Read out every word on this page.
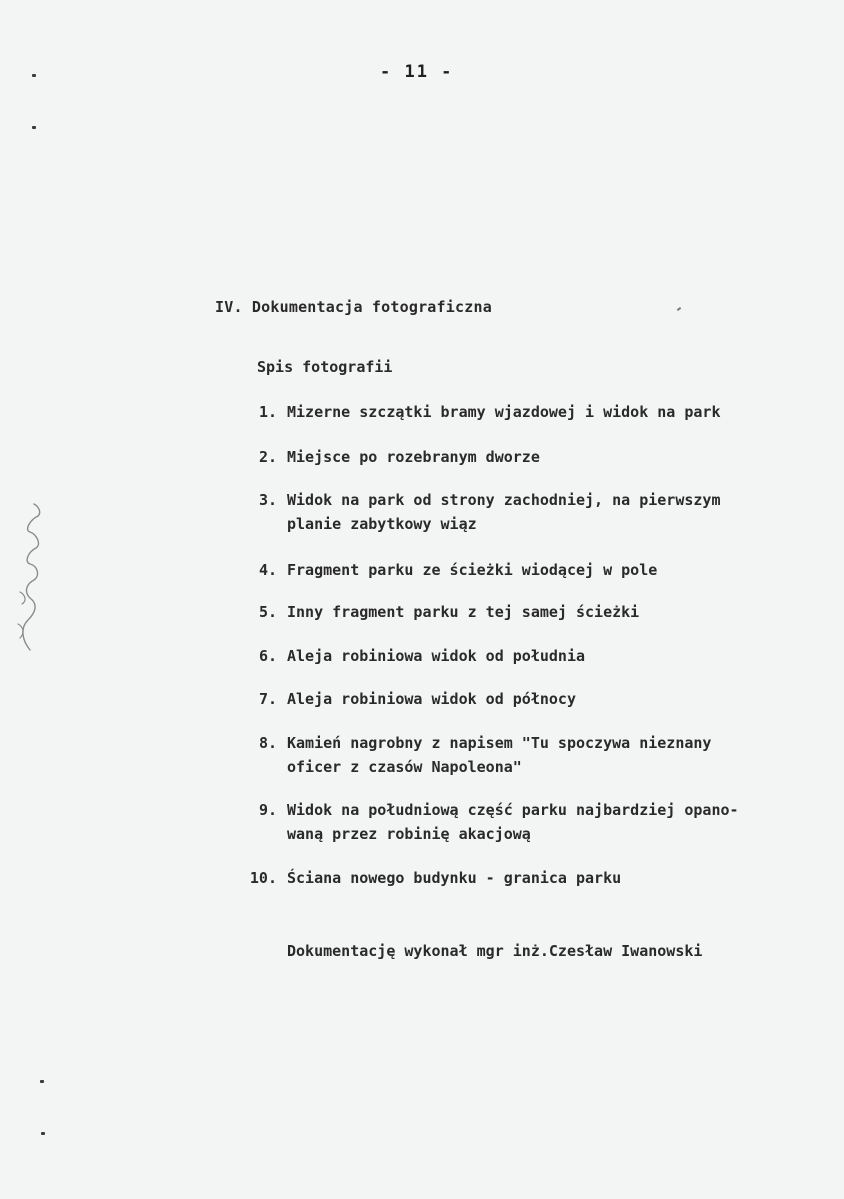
- 11 -
IV. Dokumentacja fotograficzna
Spis fotografii
1. Mizerne szczątki bramy wjazdowej i widok na park
2. Miejsce po rozebranym dworze
3. Widok na park od strony zachodniej, na pierwszym
planie zabytkowy wiąz
4. Fragment parku ze ścieżki wiodącej w pole
5. Inny fragment parku z tej samej ścieżki
6. Aleja robiniowa widok od południa
7. Aleja robiniowa widok od północy
8. Kamień nagrobny z napisem "Tu spoczywa nieznany
oficer z czasów Napoleona"
9. Widok na południową część parku najbardziej opano-
waną przez robinię akacjową
10. Ściana nowego budynku - granica parku
Dokumentację wykonał mgr inż.Czesław Iwanowski
